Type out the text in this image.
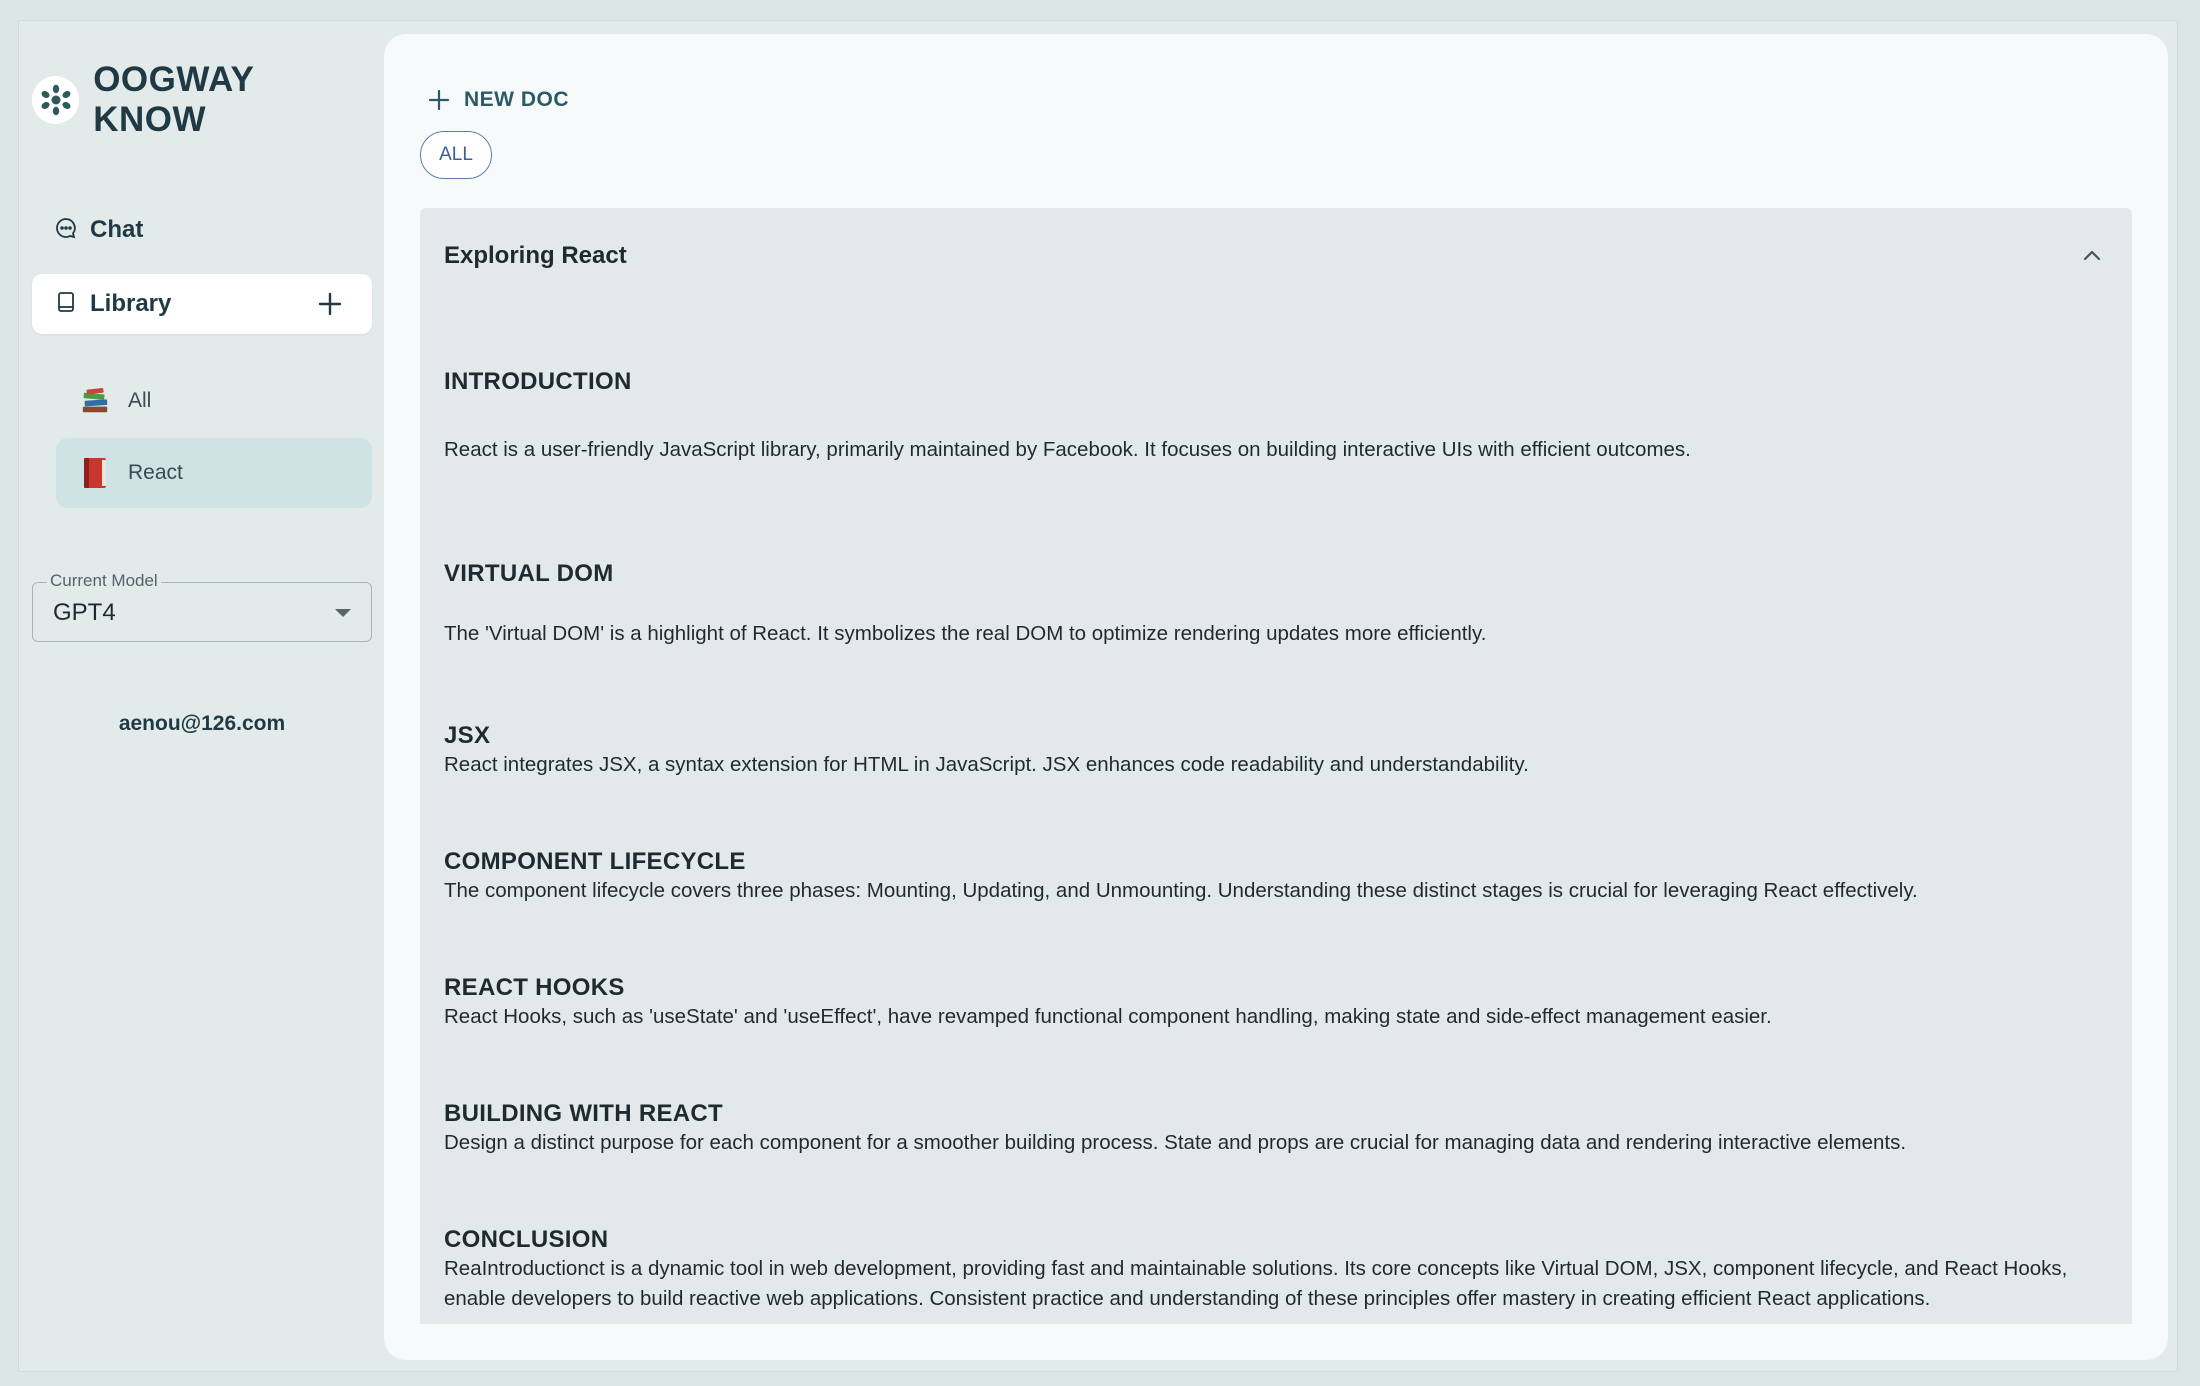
OOGWAY KNOW
Chat
Library
All
React
Current Model
GPT4
aenou@126.com
NEW DOC
ALL
Exploring React
INTRODUCTION
React is a user-friendly JavaScript library, primarily maintained by Facebook. It focuses on building interactive UIs with efficient outcomes.
VIRTUAL DOM
The 'Virtual DOM' is a highlight of React. It symbolizes the real DOM to optimize rendering updates more efficiently.
JSX
React integrates JSX, a syntax extension for HTML in JavaScript. JSX enhances code readability and understandability.
COMPONENT LIFECYCLE
The component lifecycle covers three phases: Mounting, Updating, and Unmounting. Understanding these distinct stages is crucial for leveraging React effectively.
REACT HOOKS
React Hooks, such as 'useState' and 'useEffect', have revamped functional component handling, making state and side-effect management easier.
BUILDING WITH REACT
Design a distinct purpose for each component for a smoother building process. State and props are crucial for managing data and rendering interactive elements.
CONCLUSION
ReaIntroductionct is a dynamic tool in web development, providing fast and maintainable solutions. Its core concepts like Virtual DOM, JSX, component lifecycle, and React Hooks, enable developers to build reactive web applications. Consistent practice and understanding of these principles offer mastery in creating efficient React applications.
